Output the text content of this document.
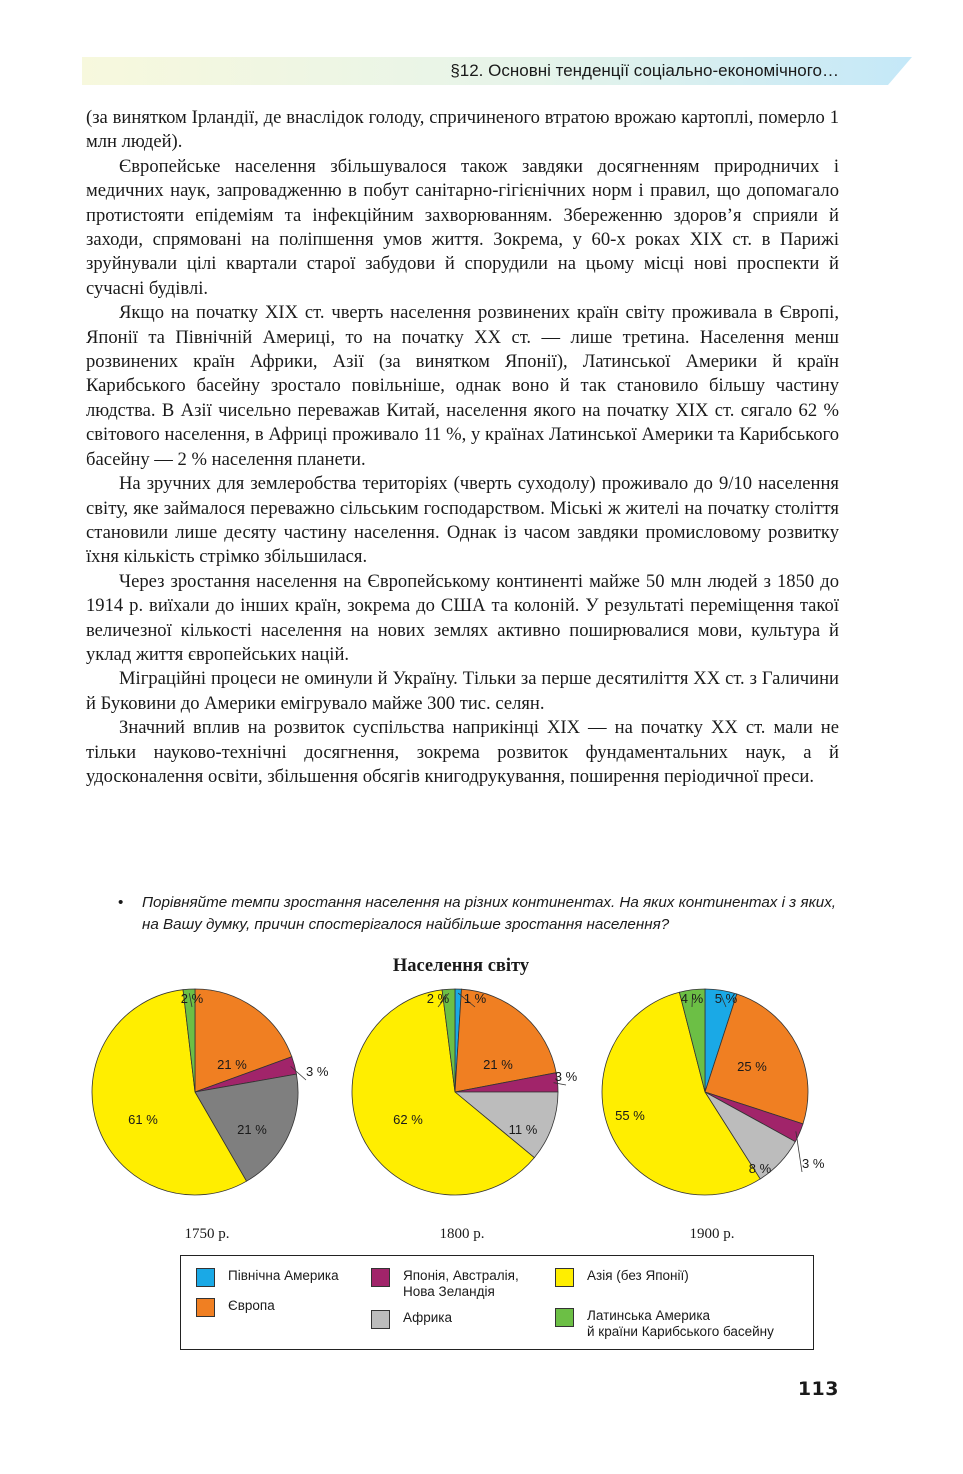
§12. Основні тенденції соціально-економічного…

(за винятком Ірландії, де внаслідок голоду, спричиненого втратою врожаю картоплі, померло 1 млн людей).

Європейське населення збільшувалося також завдяки досягненням природничих і медичних наук, запровадженню в побут санітарно-гігієнічних норм і правил, що допомагало протистояти епідеміям та інфекційним захворюванням. Збереженню здоров’я сприяли й заходи, спрямовані на поліпшення умов життя. Зокрема, у 60-х роках XIX ст. в Парижі зруйнували цілі квартали старої забудови й спорудили на цьому місці нові проспекти й сучасні будівлі.

Якщо на початку XIX ст. чверть населення розвинених країн світу проживала в Європі, Японії та Північній Америці, то на початку XX ст. — лише третина. Населення менш розвинених країн Африки, Азії (за винятком Японії), Латинської Америки й країн Карибського басейну зростало повільніше, однак воно й так становило більшу частину людства. В Азії чисельно переважав Китай, населення якого на початку XIX ст. сягало 62 % світового населення, в Африці проживало 11 %, у країнах Латинської Америки та Карибського басейну — 2 % населення планети.

На зручних для землеробства територіях (чверть суходолу) проживало до 9/10 населення світу, яке займалося переважно сільським господарством. Міські ж жителі на початку століття становили лише десяту частину населення. Однак із часом завдяки промисловому розвитку їхня кількість стрімко збільшилася.

Через зростання населення на Європейському континенті майже 50 млн людей з 1850 до 1914 р. виїхали до інших країн, зокрема до США та колоній. У результаті переміщення такої величезної кількості населення на нових землях активно поширювалися мови, культура й уклад життя європейських націй.

Міграційні процеси не оминули й Україну. Тільки за перше десятиліття XX ст. з Галичини й Буковини до Америки емігрувало майже 300 тис. селян.

Значний вплив на розвиток суспільства наприкінці XIX — на початку XX ст. мали не тільки науково-технічні досягнення, зокрема розвиток фундаментальних наук, а й удосконалення освіти, збільшення обсягів книгодрукування, поширення періодичної преси.

• Порівняйте темпи зростання населення на різних континентах. На яких континентах і з яких, на Вашу думку, причин спостерігалося найбільше зростання населення?
Населення світу
21 %	3 %
21 %
61 %
2 %
1750 р.
1 %
21 %
3 %
11 %
62 %
2 %
1800 р.
5 %
25 %
3 %
8 %
55 %
4 %
1900 р.
Північна Америка
Європа
Японія, Австралія,
Нова Зеландія
Африка
Азія (без Японії)
Латинська Америка
й країни Карибського басейну
113
